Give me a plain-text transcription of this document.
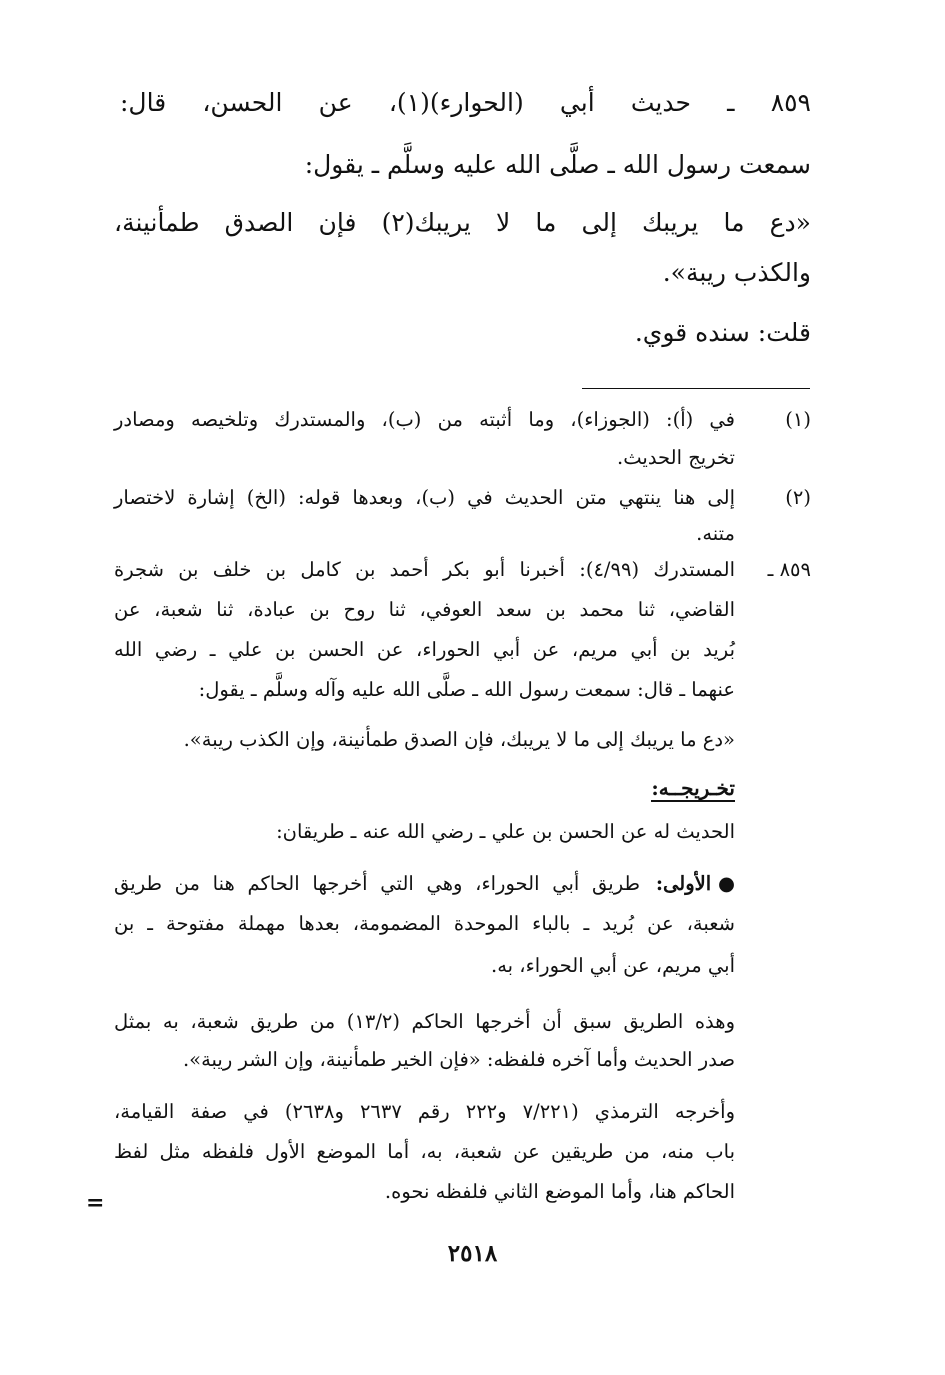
٨٥٩ ـ حديث أبي (الحوارء)(١)، عن الحسن، قال:

سمعت رسول الله ـ صلَّى الله عليه وسلَّم ـ يقول:

«دع ما يريبك إلى ما لا يريبك(٢) فإن الصدق طمأنينة،

والكذب ريبة».

قلت: سنده قوي.

(١)

في (أ): (الجوزاء)، وما أثبته من (ب)، والمستدرك وتلخيصه ومصادر

تخريج الحديث.

(٢)

إلى هنا ينتهي متن الحديث في (ب)، وبعدها قوله: (الخ) إشارة لاختصار

متنه.

٨٥٩ ـ

المستدرك (٤/٩٩): أخبرنا أبو بكر أحمد بن كامل بن خلف بن شجرة

القاضي، ثنا محمد بن سعد العوفي، ثنا روح بن عبادة، ثنا شعبة، عن

بُريد بن أبي مريم، عن أبي الحوراء، عن الحسن بن علي ـ رضي الله

عنهما ـ قال: سمعت رسول الله ـ صلَّى الله عليه وآله وسلَّم ـ يقول:

«دع ما يريبك إلى ما لا يريبك، فإن الصدق طمأنينة، وإن الكذب ريبة».

تخـريجــه:

الحديث له عن الحسن بن علي ـ رضي الله عنه ـ طريقان:

● الأولى:

طريق أبي الحوراء، وهي التي أخرجها الحاكم هنا من طريق

شعبة، عن بُريد ـ بالباء الموحدة المضمومة، بعدها مهملة مفتوحة ـ بن

أبي مريم، عن أبي الحوراء، به.

وهذه الطريق سبق أن أخرجها الحاكم (١٣/٢) من طريق شعبة، به بمثل

صدر الحديث وأما آخره فلفظه: «فإن الخير طمأنينة، وإن الشر ريبة».

وأخرجه الترمذي (٧/٢٢١ و٢٢٢ رقم ٢٦٣٧ و٢٦٣٨) في صفة القيامة،

باب منه، من طريقين عن شعبة، به، أما الموضع الأول فلفظه مثل لفظ

الحاكم هنا، وأما الموضع الثاني فلفظه نحوه.

=
٢٥١٨
